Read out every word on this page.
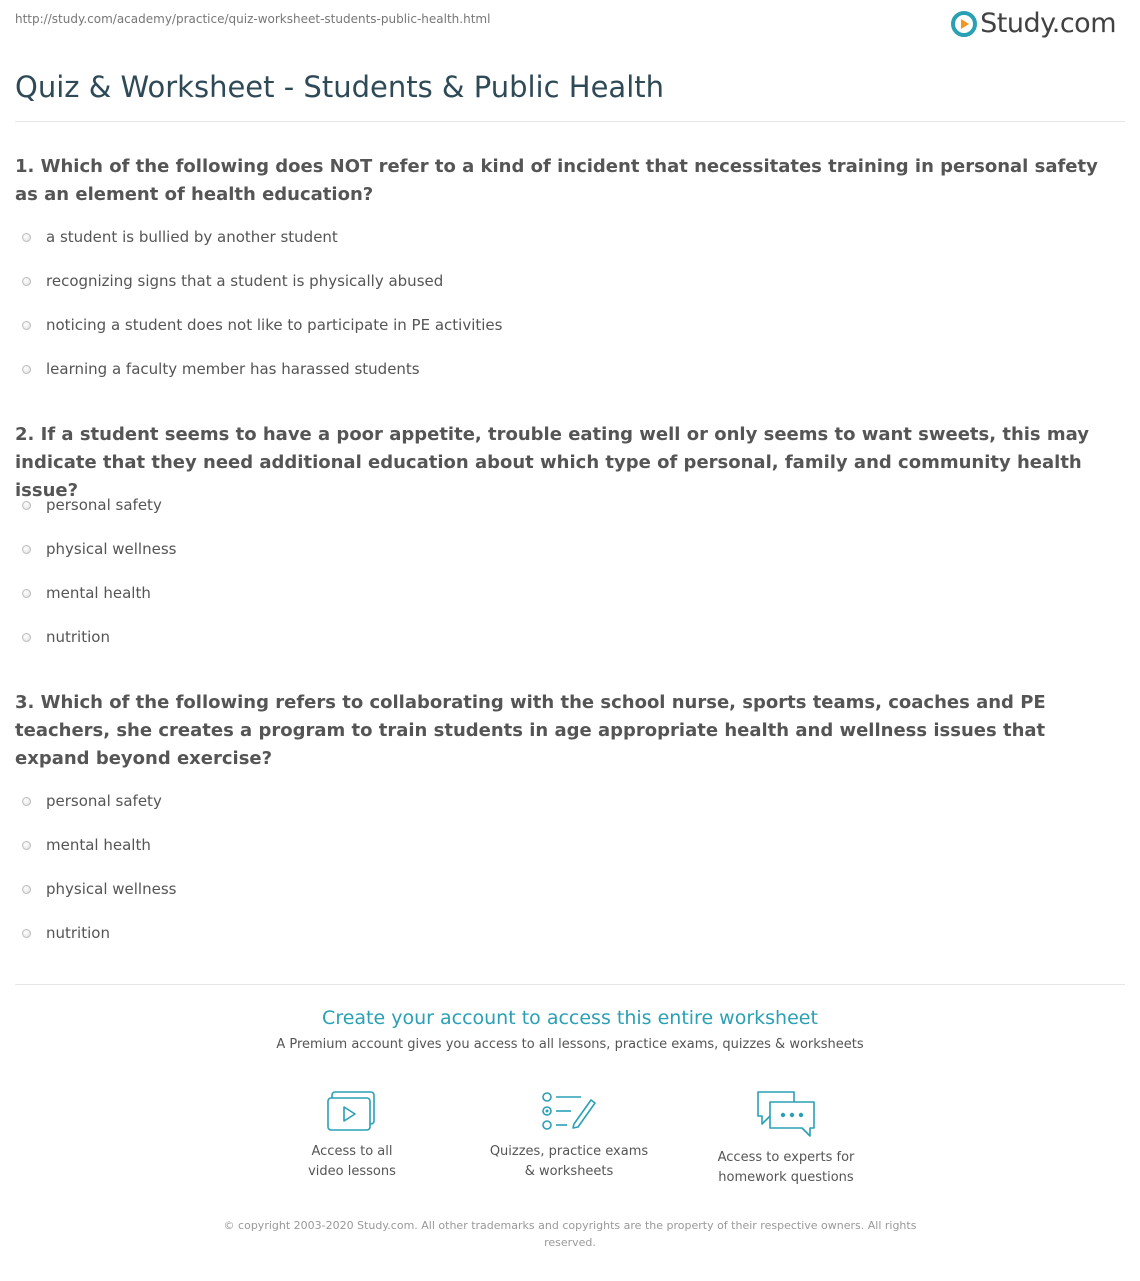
http://study.com/academy/practice/quiz-worksheet-students-public-health.html	Study.com
Quiz & Worksheet - Students & Public Health

1. Which of the following does NOT refer to a kind of incident that necessitates training in personal safety as an element of health education?

a student is bullied by another student
recognizing signs that a student is physically abused
noticing a student does not like to participate in PE activities
learning a faculty member has harassed students

2. If a student seems to have a poor appetite, trouble eating well or only seems to want sweets, this may indicate that they need additional education about which type of personal, family and community health issue?

personal safety
physical wellness
mental health
nutrition

3. Which of the following refers to collaborating with the school nurse, sports teams, coaches and PE teachers, she creates a program to train students in age appropriate health and wellness issues that expand beyond exercise?

personal safety
mental health
physical wellness
nutrition
Create your account to access this entire worksheet
A Premium account gives you access to all lessons, practice exams, quizzes & worksheets
Access to all
video lessons
Quizzes, practice exams
& worksheets
Access to experts for
homework questions
© copyright 2003-2020 Study.com. All other trademarks and copyrights are the property of their respective owners. All rights reserved.
